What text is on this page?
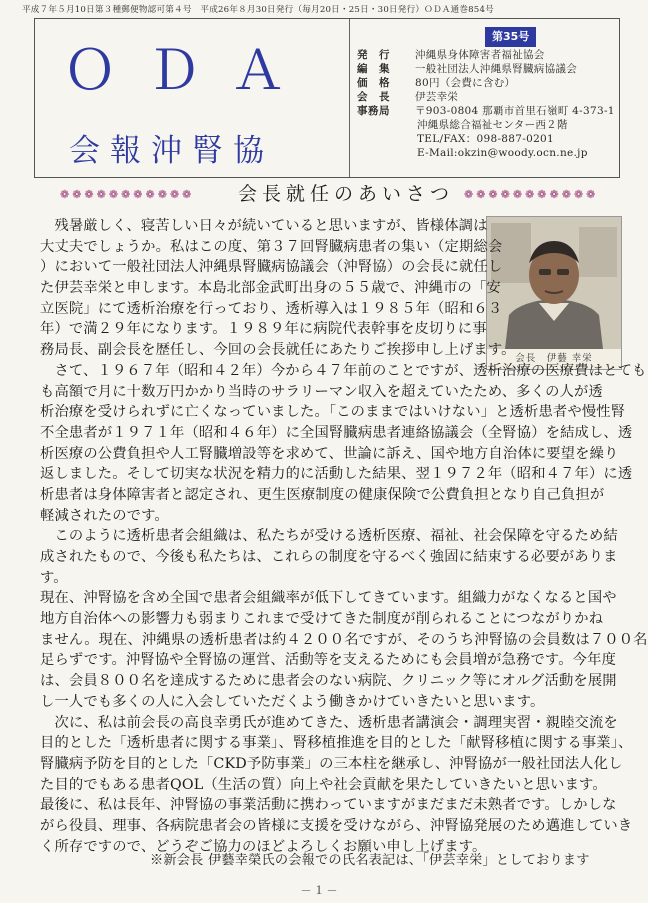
平成７年５月10日第３種郵便物認可第４号　平成26年８月30日発行（毎月20日・25日・30日発行）ＯＤＡ通巻854号
ＯＤＡ
会報沖腎協
第35号
発　行 沖縄県身体障害者福祉協会
編　集 一般社団法人沖縄県腎臓病協議会
価　格 80円（会費に含む）
会　長 伊芸幸栄
事務局 〒903-0804 那覇市首里石嶺町 4-373-1
沖縄県総合福祉センター西２階
TEL/FAX：098-887-0201
E-Mail:okzin@woody.ocn.ne.jp
❁❁❁❁❁❁❁❁❁❁❁	会長就任のあいさつ ❁❁❁❁❁❁❁❁❁❁❁
会長　伊藝 幸栄
　残暑厳しく、寝苦しい日々が続いていると思いますが、皆様体調は
大丈夫でしょうか。私はこの度、第３７回腎臓病患者の集い（定期総会
）において一般社団法人沖縄県腎臓病協議会（沖腎協）の会長に就任し
た伊芸幸栄と申します。本島北部金武町出身の５５歳で、沖縄市の「安
立医院」にて透析治療を行っており、透析導入は１９８５年（昭和６３
年）で満２９年になります。１９８９年に病院代表幹事を皮切りに事
務局長、副会長を歴任し、今回の会長就任にあたりご挨拶申し上げます。
　さて、１９６７年（昭和４２年）今から４７年前のことですが、透析治療の医療費はとても
も高額で月に十数万円かかり当時のサラリーマン収入を超えていたため、多くの人が透
析治療を受けられずに亡くなっていました。「このままではいけない」と透析患者や慢性腎
不全患者が１９７１年（昭和４６年）に全国腎臓病患者連絡協議会（全腎協）を結成し、透
析医療の公費負担や人工腎臓増設等を求めて、世論に訴え、国や地方自治体に要望を繰り
返しました。そして切実な状況を精力的に活動した結果、翌１９７２年（昭和４７年）に透
析患者は身体障害者と認定され、更生医療制度の健康保険で公費負担となり自己負担が
軽減されたのです。
　このように透析患者会組織は、私たちが受ける透析医療、福祉、社会保障を守るため結
成されたもので、今後も私たちは、これらの制度を守るべく強固に結束する必要がありま
す。
現在、沖腎協を含め全国で患者会組織率が低下してきています。組織力がなくなると国や
地方自治体への影響力も弱まりこれまで受けてきた制度が削られることにつながりかね
ません。現在、沖縄県の透析患者は約４２００名ですが、そのうち沖腎協の会員数は７００名
足らずです。沖腎協や全腎協の運営、活動等を支えるためにも会員増が急務です。今年度
は、会員８００名を達成するために患者会のない病院、クリニック等にオルグ活動を展開
し一人でも多くの人に入会していただくよう働きかけていきたいと思います。
　次に、私は前会長の高良幸勇氏が進めてきた、透析患者講演会・調理実習・親睦交流を
目的とした「透析患者に関する事業」、腎移植推進を目的とした「献腎移植に関する事業」、
腎臓病予防を目的とした「CKD予防事業」の三本柱を継承し、沖腎協が一般社団法人化し
た目的でもある患者QOL（生活の質）向上や社会貢献を果たしていきたいと思います。
最後に、私は長年、沖腎協の事業活動に携わっていますがまだまだ未熟者です。しかしな
がら役員、理事、各病院患者会の皆様に支援を受けながら、沖腎協発展のため邁進していき
く所存ですので、どうぞご協力のほどよろしくお願い申し上げます。
※新会長 伊藝幸榮氏の会報での氏名表記は、「伊芸幸栄」としております
－１－
